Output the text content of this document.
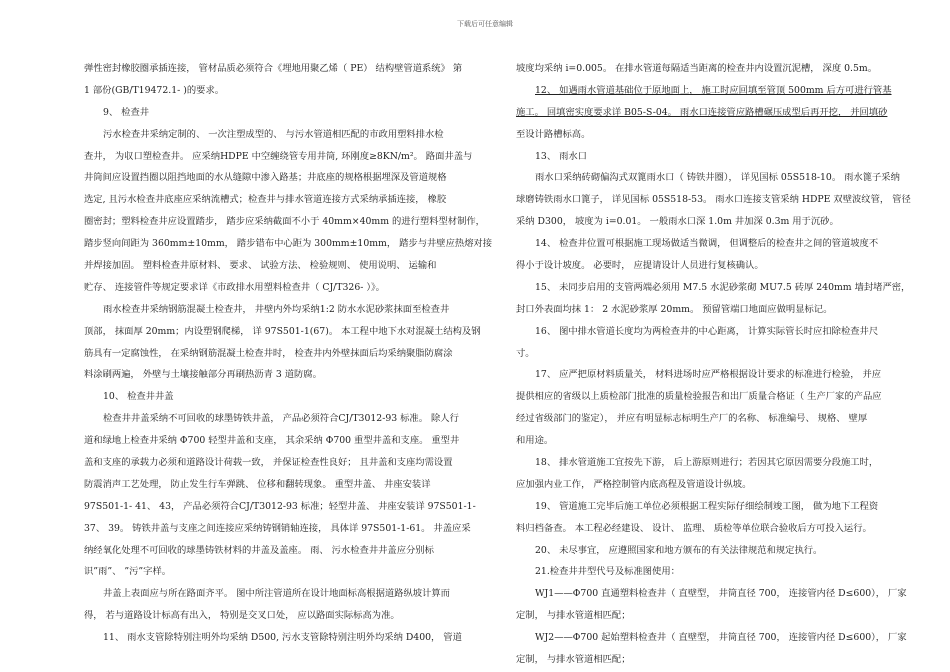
下载后可任意编辑
弹性密封橡胶圈承插连接， 管材品质必须符合《埋地用聚乙烯（ PE） 结构壁管道系统》 第
1 部份(GB/T19472.1- )的要求。
9、 检查井
污水检查井采纳定制的、 一次注塑成型的、 与污水管道相匹配的市政用塑料排水检
查井， 为収口塑检查井。 应采纳HDPE 中空缠绕管专用井筒, 环刚度≥8KN/m²。 路面井盖与
井筒间应设置挡圈以阻挡地面的水从缝隙中渗入路基；井底座的规格根据埋深及管道规格
选定, 且污水检查井底座应采纳流槽式；检查井与排水管道连接方式采纳承插连接， 橡胶
圈密封；塑料检查井应设置踏步， 踏步应采纳截面不小于 40mm×40mm 的进行塑料型材制作，
踏步竖向间距为 360mm±10mm， 踏步错布中心距为 300mm±10mm， 踏步与井壁应热熔对接
并焊接加固。 塑料检查井原材料、 要求、 试验方法、 检验规则、 使用说明、 运输和
贮存、 连接管件等规定要求详《市政排水用塑料检查井（ CJ/T326- ）》。
雨水检查井采纳钢筋混凝土检查井， 井壁内外均采纳1:2 防水水泥砂浆抹面至检查井
顶部， 抹面厚 20mm；内设塑钢爬梯， 详 97S501-1(67)。 本工程中地下水对混凝土结构及钢
筋具有一定腐蚀性， 在采纳钢筋混凝土检查井时， 检查井内外壁抹面后均采纳聚脂防腐涂
料涂刷两遍， 外壁与土壤接触部分再刷热沥青 3 道防腐。
10、 检查井井盖
检查井井盖采纳不可回收的球墨铸铁井盖， 产品必须符合CJ/T3012-93 标准。 除人行
道和绿地上检查井采纳 Φ700 轻型井盖和支座， 其余采纳 Φ700 重型井盖和支座。 重型井
盖和支座的承载力必须和道路设计荷载一致， 并保证检查性良好； 且井盖和支座均需设置
防震消声工艺处理， 防止发生行车弹跳、 位移和翻转现象。 重型井盖、 井座安装详
97S501-1- 41、 43， 产品必须符合CJ/T3012-93 标准；轻型井盖、 井座安装详 97S501-1-
37、 39。 铸铁井盖与支座之间连接应采纳铸钢销轴连接， 具体详 97S501-1-61。 井盖应采
纳经氧化处理不可回收的球墨铸铁材料的井盖及盖座。 雨、 污水检查井井盖应分别标
识”雨”、 ”污”字样。
井盖上表面应与所在路面齐平。 图中所注管道所在设计地面标高根据道路纵坡计算而
得， 若与道路设计标高有出入， 特别是交叉口处， 应以路面实际标高为准。
11、 雨水支管除特别注明外均采纳 D500, 污水支管除特别注明外均采纳 D400， 管道
坡度均采纳 i=0.005。 在排水管道每隔适当距离的检查井内设置沉泥槽， 深度 0.5m。
12、 如遇雨水管道基础位于原地面上， 施工时应回填至管顶 500mm 后方可进行管基
施工。 回填密实度要求详 B05-S-04。 雨水口连接管应路槽碾压成型后再开挖， 并回填砂
至设计路槽标高。
13、 雨水口
雨水口采纳砖砌偏沟式双篦雨水口（ 铸铁井圈）， 详见国标 05S518-10。 雨水篦子采纳
球磨铸铁雨水口篦子， 详见国标 05S518-53。 雨水口连接支管采纳 HDPE 双壁波纹管， 管径
采纳 D300， 坡度为 i=0.01。 一般雨水口深 1.0m 井加深 0.3m 用于沉砂。
14、 检查井位置可根据施工现场做适当微调， 但调整后的检查井之间的管道坡度不
得小于设计坡度。 必要时， 应提请设计人员进行复核确认。
15、 未同步启用的支管两端必须用 M7.5 水泥砂浆砌 MU7.5 砖厚 240mm 墙封堵严密，
封口外表面均抹 1： 2 水泥砂浆厚 20mm。 预留管端口地面应做明显标记。
16、 图中排水管道长度均为两检查井的中心距离， 计算实际管长时应扣除检查井尺
寸。
17、 应严把原材料质量关， 材料进场时应严格根据设计要求的标准进行检验， 并应
提供相应的省级以上质检部门批准的质量检验报告和出厂质量合格证（ 生产厂家的产品应
经过省级部门的鉴定）， 并应有明显标志标明生产厂的名称、 标准编号、 规格、 壁厚
和用途。
18、 排水管道施工宜按先下游， 后上游原则进行；若因其它原因需要分段施工时，
应加强内业工作， 严格控制管内底高程及管道设计纵坡。
19、 管道施工完毕后施工单位必须根据工程实际仔细绘制竣工图， 做为地下工程资
料归档备查。 本工程必经建设、 设计、 监理、 质检等单位联合验收后方可投入运行。
20、 未尽事宜， 应遵照国家和地方颁布的有关法律规范和规定执行。
21.检查井井型代号及标准图使用：
WJ1——Φ700 直通塑料检查井（ 直壁型， 井筒直径 700， 连接管内径 D≤600）， 厂家
定制， 与排水管道相匹配；
WJ2——Φ700 起始塑料检查井（ 直壁型， 井筒直径 700， 连接管内径 D≤600）， 厂家
定制， 与排水管道相匹配；
